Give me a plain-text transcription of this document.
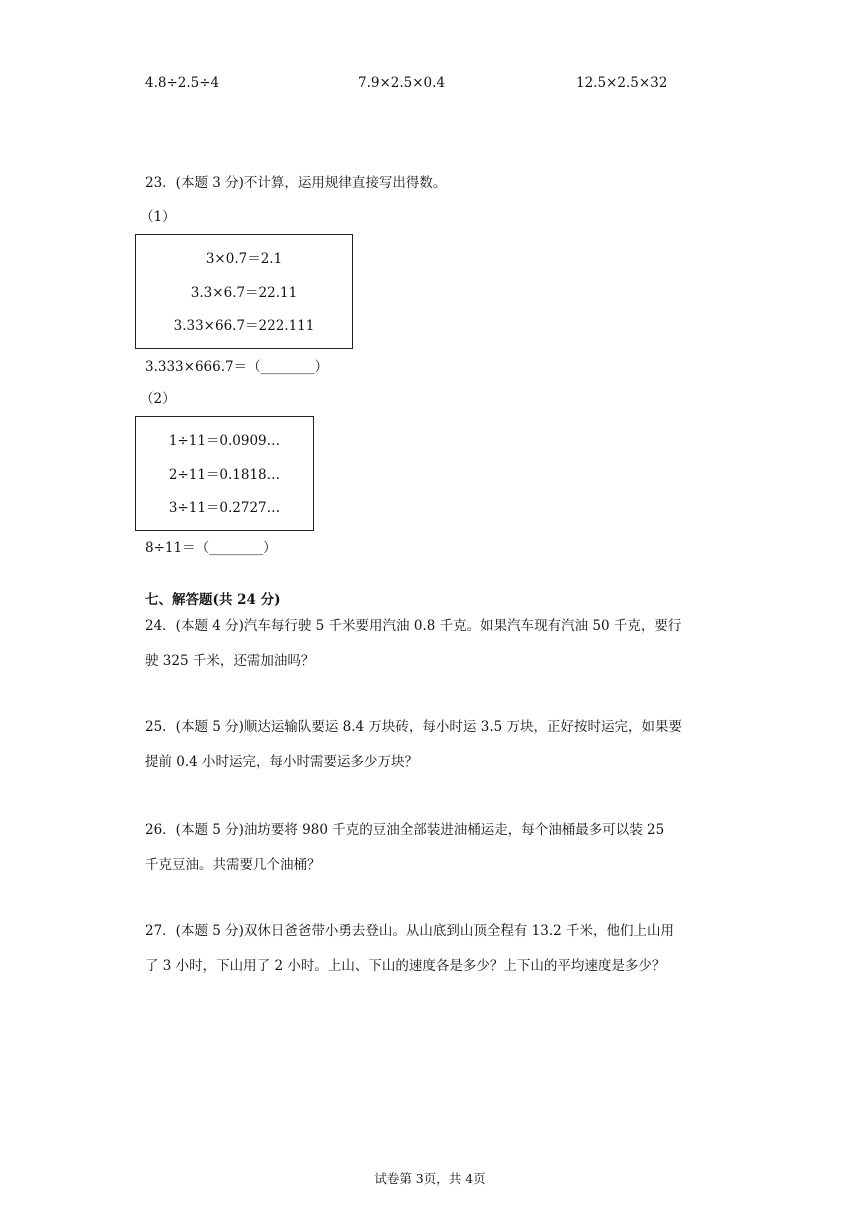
4.8÷2.5÷4	7.9×2.5×0.4	12.5×2.5×32
23．(本题 3 分)不计算，运用规律直接写出得数。
（1）
3×0.7＝2.1
3.3×6.7＝22.11
3.33×66.7＝222.111
3.333×666.7＝（________）
（2）
1÷11＝0.0909…
2÷11＝0.1818…
3÷11＝0.2727…
8÷11＝（________）
七、解答题(共 24 分)
24．(本题 4 分)汽车每行驶 5 千米要用汽油 0.8 千克。如果汽车现有汽油 50 千克，要行
驶 325 千米，还需加油吗？
25．(本题 5 分)顺达运输队要运 8.4 万块砖，每小时运 3.5 万块，正好按时运完，如果要
提前 0.4 小时运完，每小时需要运多少万块？
26．(本题 5 分)油坊要将 980 千克的豆油全部装进油桶运走，每个油桶最多可以装 25
千克豆油。共需要几个油桶？
27．(本题 5 分)双休日爸爸带小勇去登山。从山底到山顶全程有 13.2 千米，他们上山用
了 3 小时，下山用了 2 小时。上山、下山的速度各是多少？上下山的平均速度是多少？
试卷第 3页，共 4页
